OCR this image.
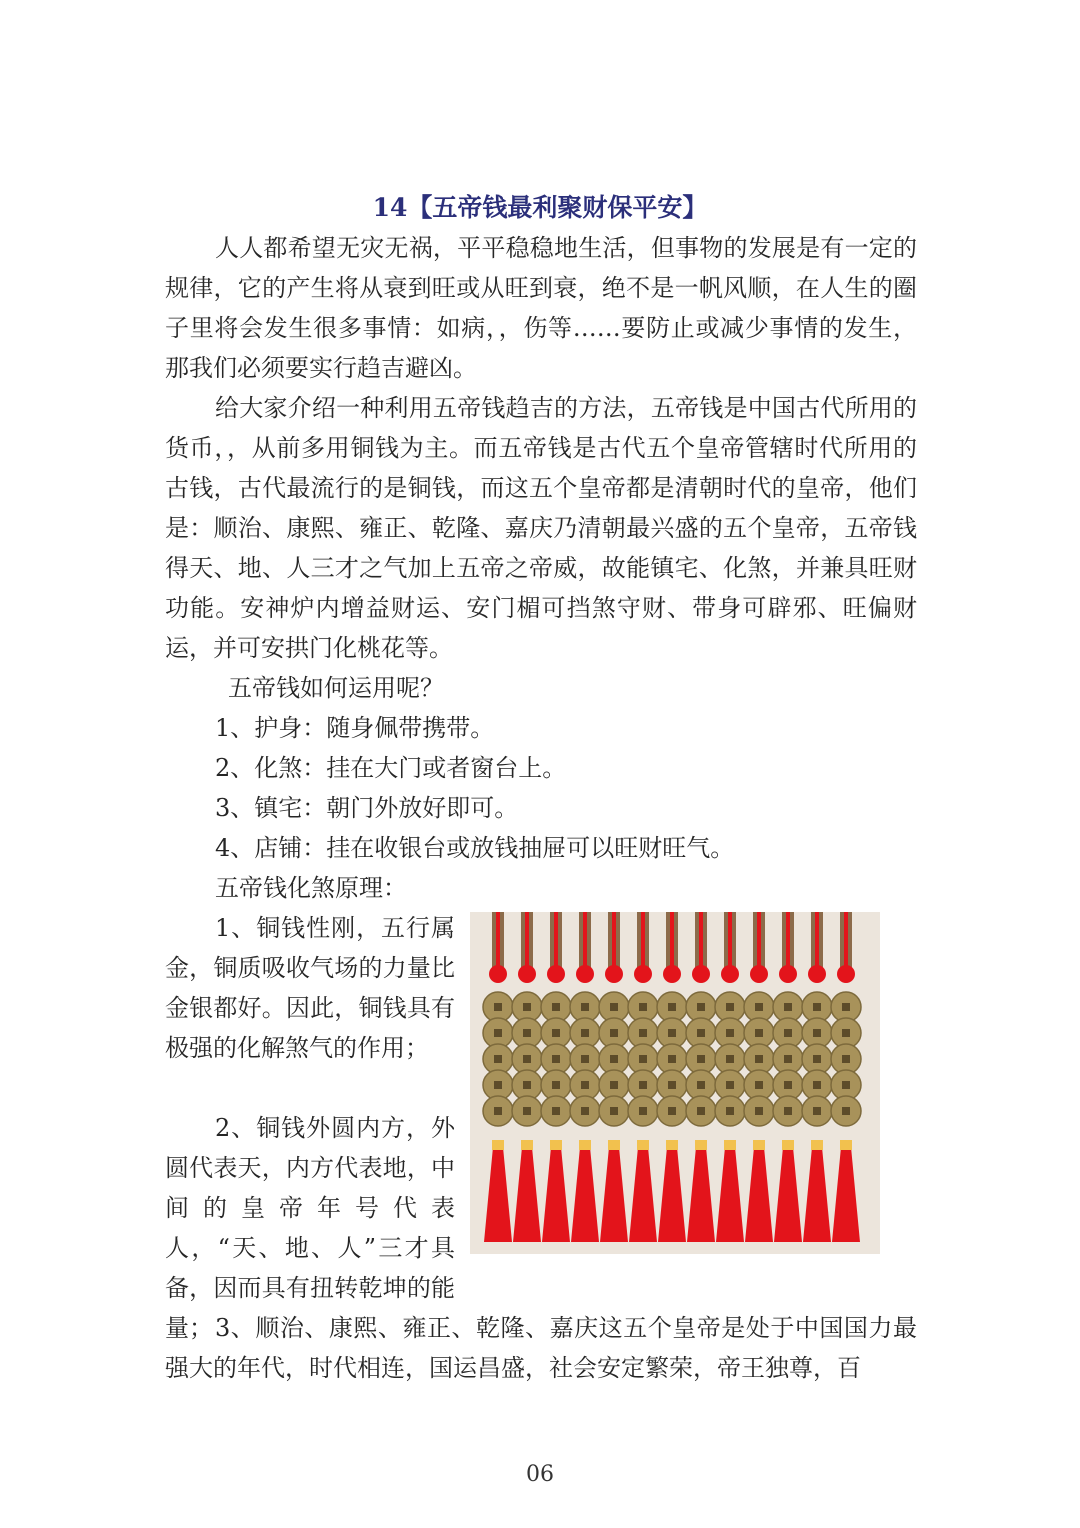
14【五帝钱最利聚财保平安】
人人都希望无灾无祸，平平稳稳地生活，但事物的发展是有一定的规律，它的产生将从衰到旺或从旺到衰，绝不是一帆风顺，在人生的圈子里将会发生很多事情：如病，，伤等……要防止或减少事情的发生，那我们必须要实行趋吉避凶。
给大家介绍一种利用五帝钱趋吉的方法，五帝钱是中国古代所用的货币，，从前多用铜钱为主。而五帝钱是古代五个皇帝管辖时代所用的古钱，古代最流行的是铜钱，而这五个皇帝都是清朝时代的皇帝，他们是：顺治、康熙、雍正、乾隆、嘉庆乃清朝最兴盛的五个皇帝，五帝钱得天、地、人三才之气加上五帝之帝威，故能镇宅、化煞，并兼具旺财功能。安神炉内增益财运、安门楣可挡煞守财、带身可辟邪、旺偏财运，并可安拱门化桃花等。
五帝钱如何运用呢？
1、护身：随身佩带携带。
2、化煞：挂在大门或者窗台上。
3、镇宅：朝门外放好即可。
4、店铺：挂在收银台或放钱抽屉可以旺财旺气。
五帝钱化煞原理：
1、铜钱性刚，五行属金，铜质吸收气场的力量比金银都好。因此，铜钱具有极强的化解煞气的作用；
2、铜钱外圆内方，外圆代表天，内方代表地，中间的皇帝年号代表人，“天、地、人”三才具备，因而具有扭转乾坤的能量； 3、顺治、康熙、雍正、乾隆、嘉庆这五个皇帝是处于中国国力最强大的年代，时代相连，国运昌盛，社会安定繁荣，帝王独尊，百
06
